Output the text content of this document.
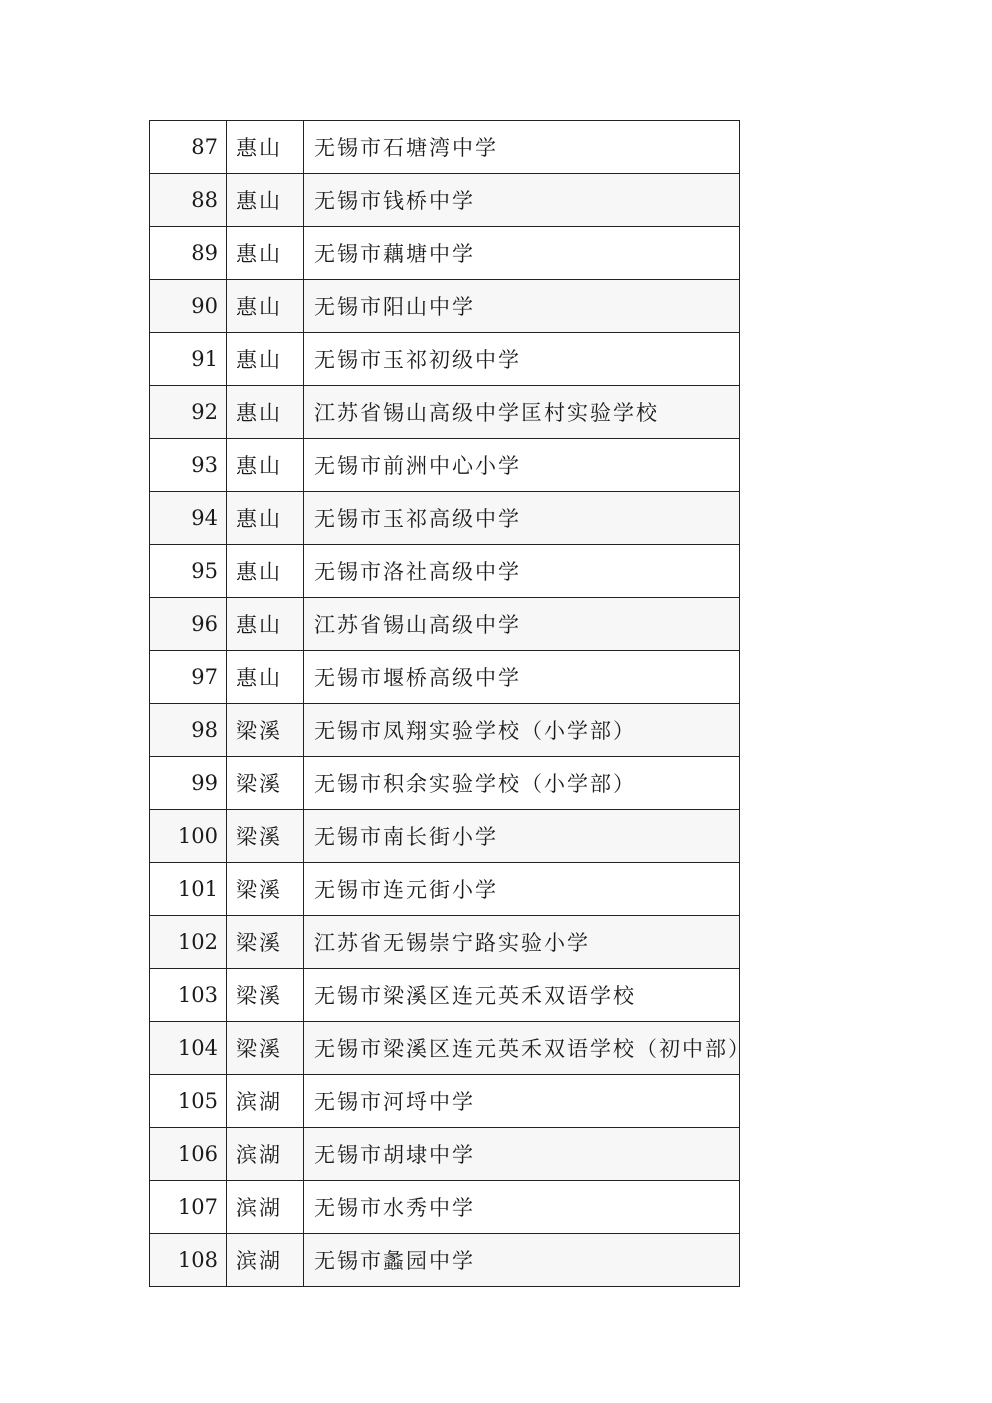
87	惠山	无锡市石塘湾中学
88	惠山	无锡市钱桥中学
89	惠山	无锡市藕塘中学
90	惠山	无锡市阳山中学
91	惠山	无锡市玉祁初级中学
92	惠山	江苏省锡山高级中学匡村实验学校
93	惠山	无锡市前洲中心小学
94	惠山	无锡市玉祁高级中学
95	惠山	无锡市洛社高级中学
96	惠山	江苏省锡山高级中学
97	惠山	无锡市堰桥高级中学
98	梁溪	无锡市凤翔实验学校（小学部）
99	梁溪	无锡市积余实验学校（小学部）
100	梁溪	无锡市南长街小学
101	梁溪	无锡市连元街小学
102	梁溪	江苏省无锡崇宁路实验小学
103	梁溪	无锡市梁溪区连元英禾双语学校
104	梁溪	无锡市梁溪区连元英禾双语学校（初中部）
105	滨湖	无锡市河埒中学
106	滨湖	无锡市胡埭中学
107	滨湖	无锡市水秀中学
108	滨湖	无锡市蠡园中学
